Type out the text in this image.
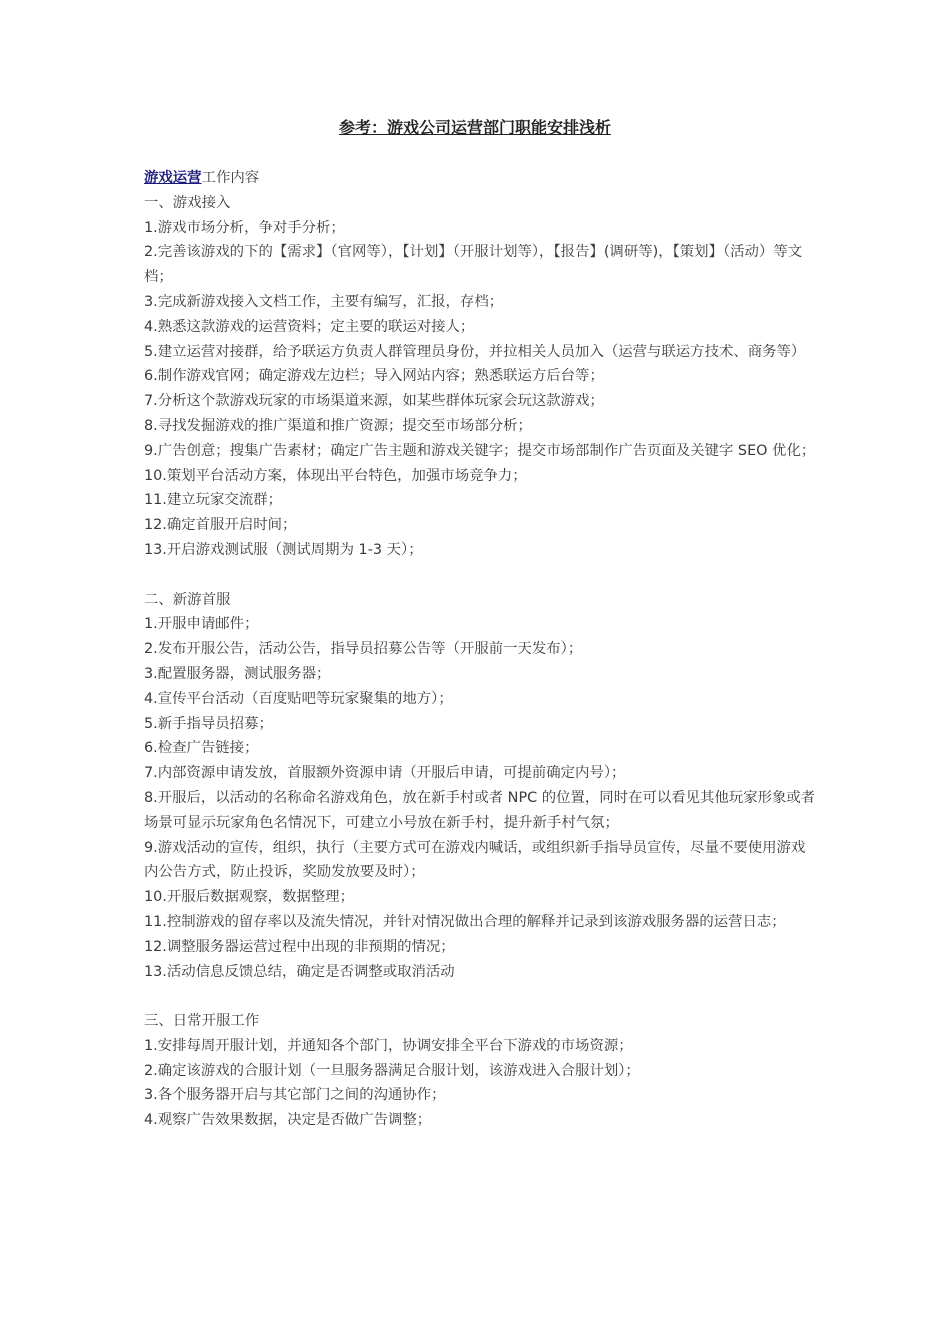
参考：游戏公司运营部门职能安排浅析

游戏运营工作内容

一、游戏接入

1.游戏市场分析，争对手分析；

2.完善该游戏的下的【需求】（官网等），【计划】（开服计划等），【报告】(调研等)，【策划】（活动）等文档；

3.完成新游戏接入文档工作，主要有编写，汇报，存档；

4.熟悉这款游戏的运营资料；定主要的联运对接人；

5.建立运营对接群，给予联运方负责人群管理员身份，并拉相关人员加入（运营与联运方技术、商务等）

6.制作游戏官网；确定游戏左边栏；导入网站内容；熟悉联运方后台等；

7.分析这个款游戏玩家的市场渠道来源，如某些群体玩家会玩这款游戏；

8.寻找发掘游戏的推广渠道和推广资源；提交至市场部分析；

9.广告创意；搜集广告素材；确定广告主题和游戏关键字；提交市场部制作广告页面及关键字 SEO 优化；

10.策划平台活动方案，体现出平台特色，加强市场竞争力；

11.建立玩家交流群；

12.确定首服开启时间；

13.开启游戏测试服（测试周期为 1-3 天）；

二、新游首服

1.开服申请邮件；

2.发布开服公告，活动公告，指导员招募公告等（开服前一天发布）；

3.配置服务器，测试服务器；

4.宣传平台活动（百度贴吧等玩家聚集的地方）；

5.新手指导员招募；

6.检查广告链接；

7.内部资源申请发放，首服额外资源申请（开服后申请，可提前确定内号）；

8.开服后，以活动的名称命名游戏角色，放在新手村或者 NPC 的位置，同时在可以看见其他玩家形象或者场景可显示玩家角色名情况下，可建立小号放在新手村，提升新手村气氛；

9.游戏活动的宣传，组织，执行（主要方式可在游戏内喊话，或组织新手指导员宣传，尽量不要使用游戏内公告方式，防止投诉，奖励发放要及时）；

10.开服后数据观察，数据整理；

11.控制游戏的留存率以及流失情况，并针对情况做出合理的解释并记录到该游戏服务器的运营日志；

12.调整服务器运营过程中出现的非预期的情况；

13.活动信息反馈总结，确定是否调整或取消活动

三、日常开服工作

1.安排每周开服计划，并通知各个部门，协调安排全平台下游戏的市场资源；

2.确定该游戏的合服计划（一旦服务器满足合服计划，该游戏进入合服计划）；

3.各个服务器开启与其它部门之间的沟通协作；

4.观察广告效果数据，决定是否做广告调整；
